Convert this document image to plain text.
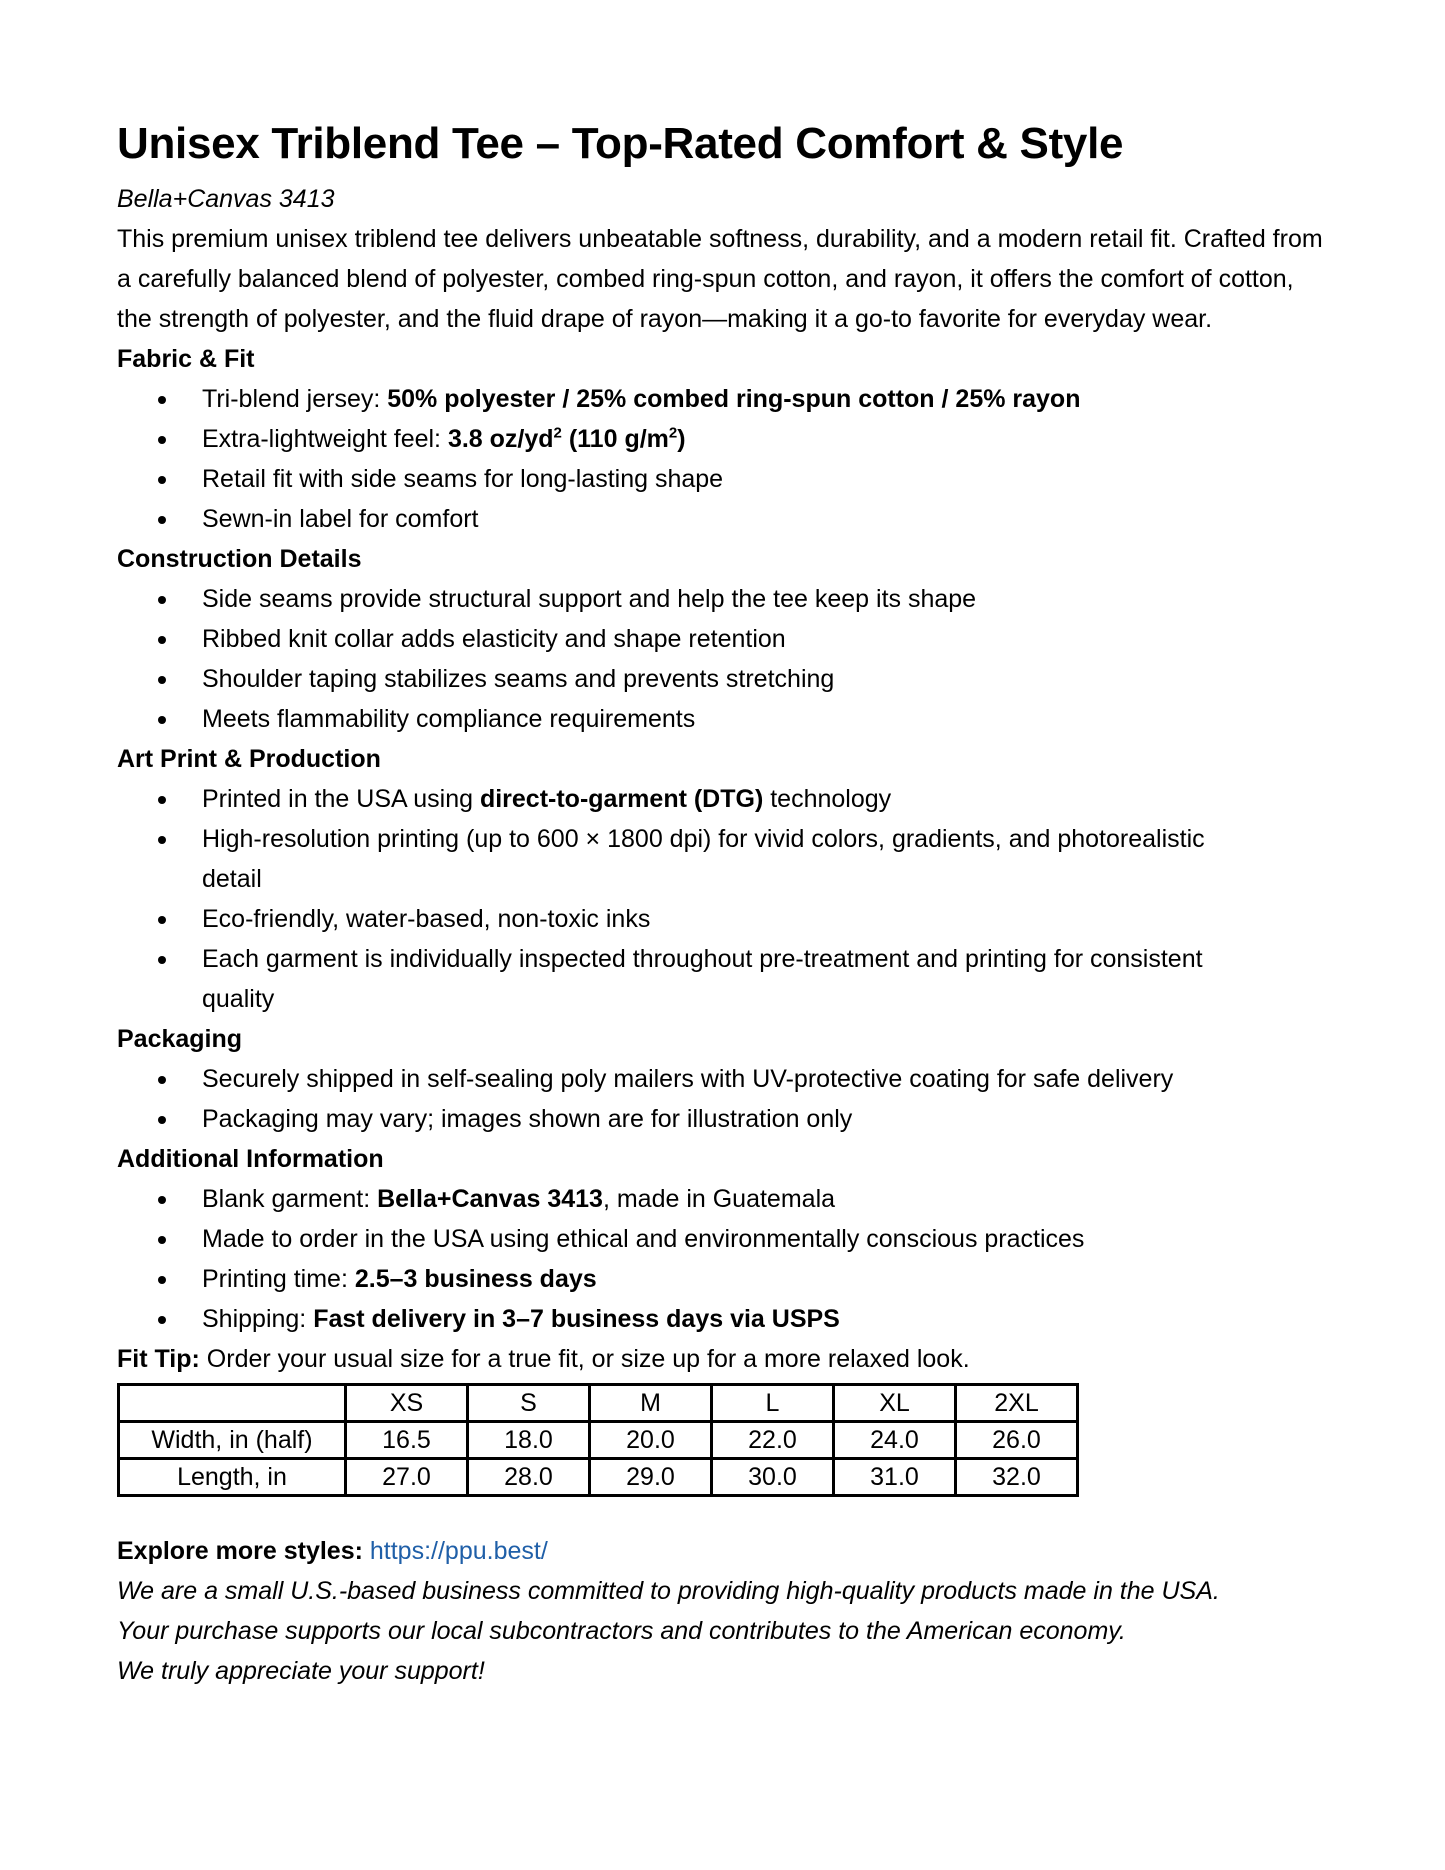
Unisex Triblend Tee – Top-Rated Comfort & Style
Bella+Canvas 3413

This premium unisex triblend tee delivers unbeatable softness, durability, and a modern retail fit. Crafted from a carefully balanced blend of polyester, combed ring-spun cotton, and rayon, it offers the comfort of cotton, the strength of polyester, and the fluid drape of rayon—making it a go-to favorite for everyday wear.

Fabric & Fit
Tri-blend jersey: 50% polyester / 25% combed ring-spun cotton / 25% rayon
Extra-lightweight feel: 3.8 $oz/yd^2$ (110 $g/m^2$)
Retail fit with side seams for long-lasting shape
Sewn-in label for comfort
Construction Details
Side seams provide structural support and help the tee keep its shape
Ribbed knit collar adds elasticity and shape retention
Shoulder taping stabilizes seams and prevents stretching
Meets flammability compliance requirements
Art Print & Production
Printed in the USA using direct-to-garment (DTG) technology
High-resolution printing (up to 600 × 1800 dpi) for vivid colors, gradients, and photorealistic
detail
Eco-friendly, water-based, non-toxic inks
Each garment is individually inspected throughout pre-treatment and printing for consistent
quality
Packaging
Securely shipped in self-sealing poly mailers with UV-protective coating for safe delivery
Packaging may vary; images shown are for illustration only
Additional Information
Blank garment: Bella+Canvas 3413, made in Guatemala
Made to order in the USA using ethical and environmentally conscious practices
Printing time: 2.5–3 business days
Shipping: Fast delivery in 3–7 business days via USPS
Fit Tip: Order your usual size for a true fit, or size up for a more relaxed look.
	XS	S	M	L	XL	2XL
Width, in (half)	16.5	18.0	20.0	22.0	24.0	26.0
Length, in	27.0	28.0	29.0	30.0	31.0	32.0
Explore more styles: https://ppu.best/
We are a small U.S.-based business committed to providing high-quality products made in the USA.
Your purchase supports our local subcontractors and contributes to the American economy.
We truly appreciate your support!
